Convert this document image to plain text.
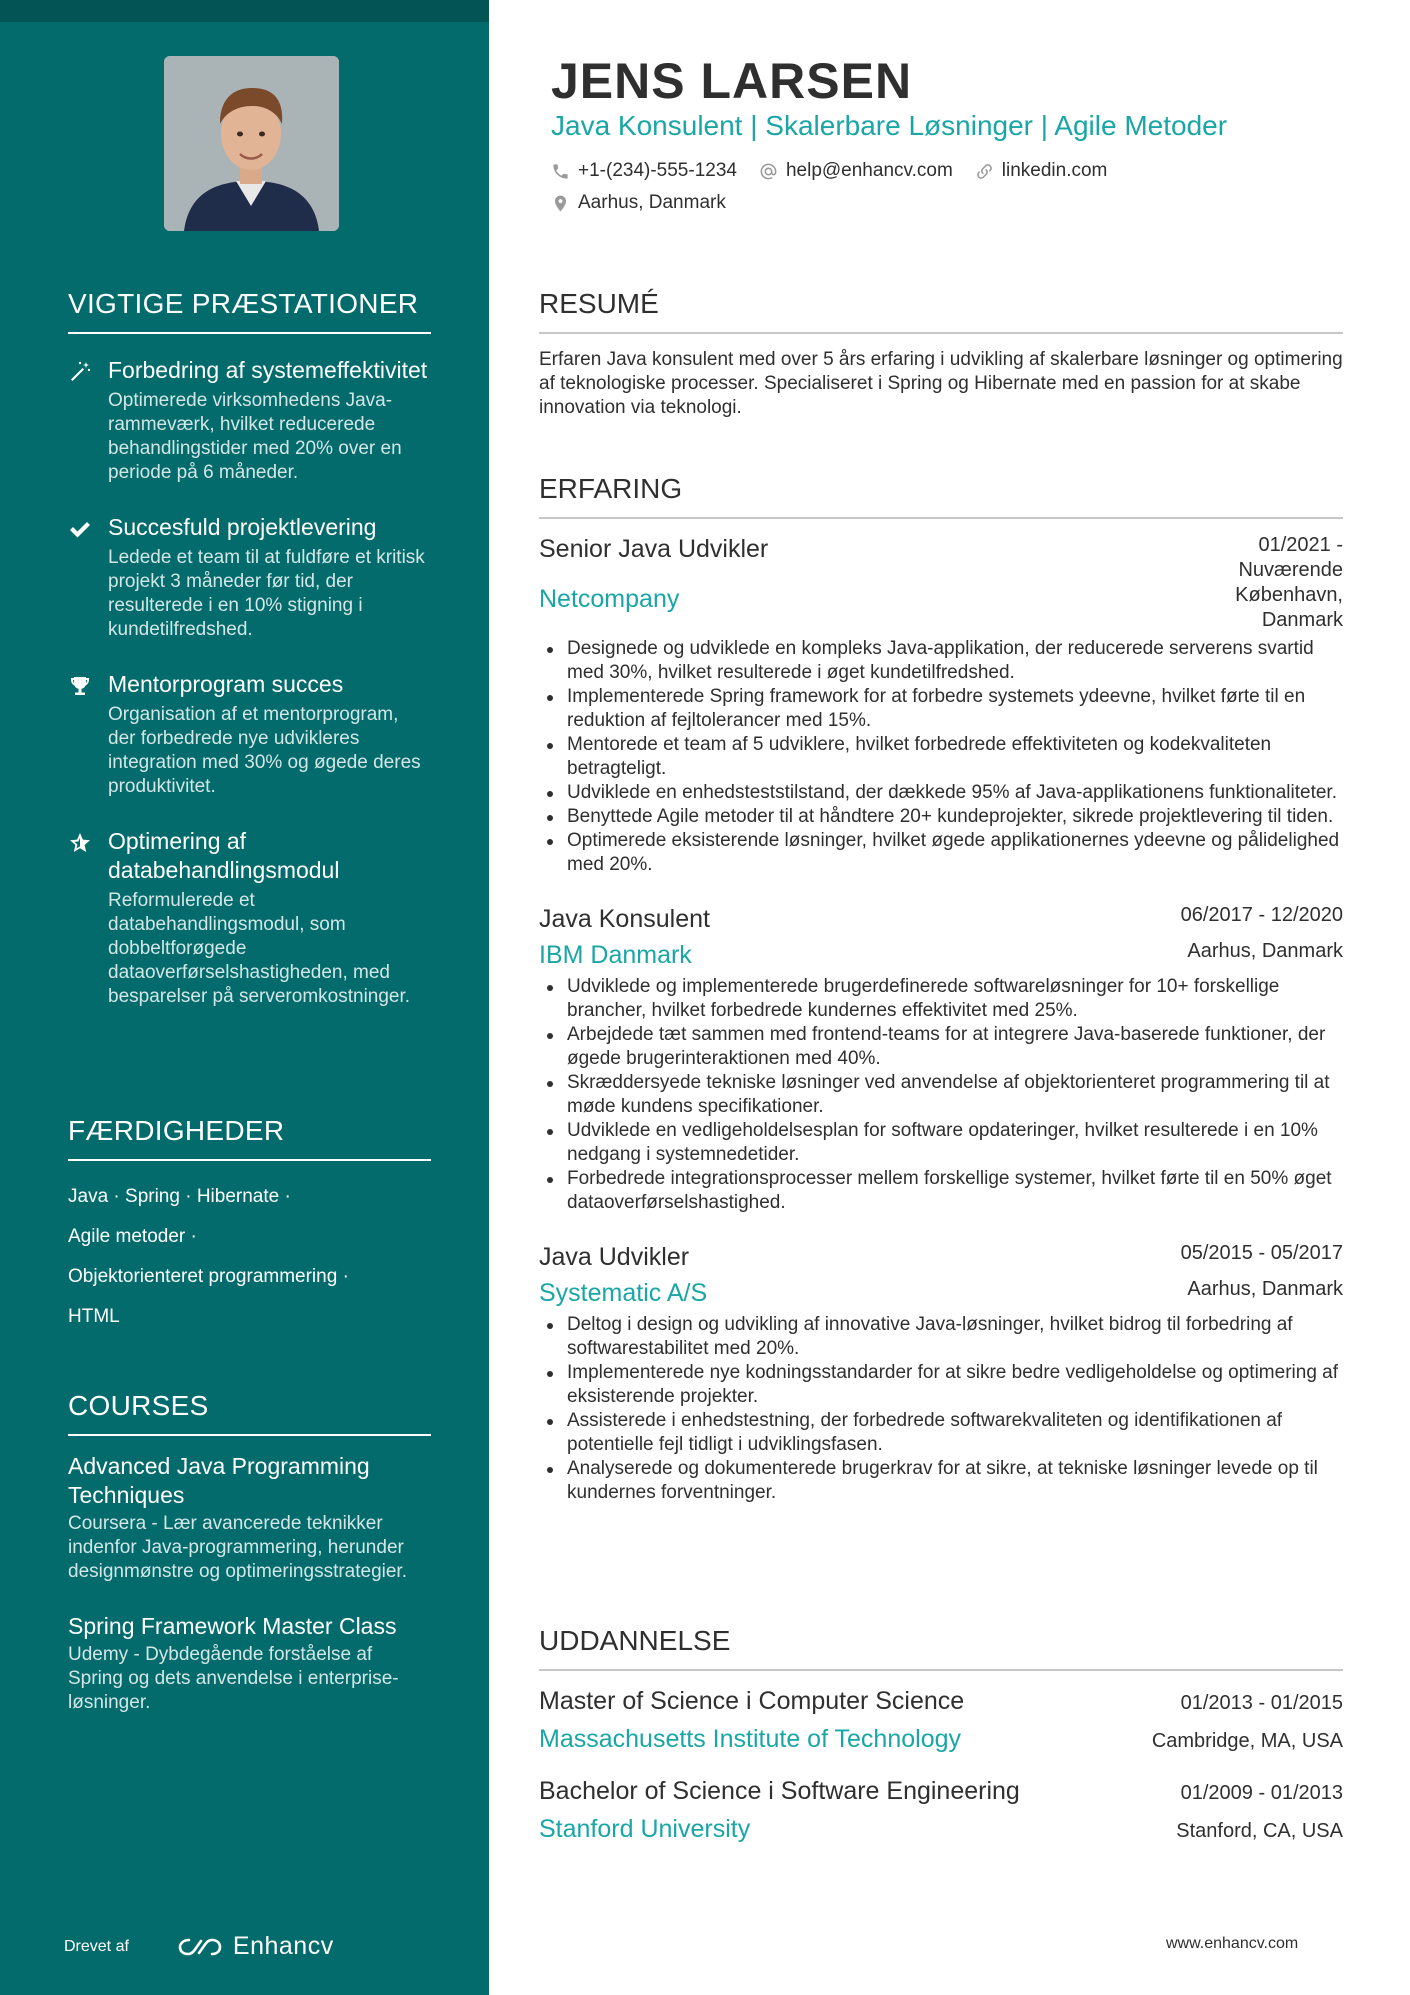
VIGTIGE PRÆSTATIONER
Forbedring af systemeffektivitet
Optimerede virksomhedens Java-rammeværk, hvilket reducerede behandlingstider med 20% over en periode på 6 måneder.
Succesfuld projektlevering
Ledede et team til at fuldføre et kritisk projekt 3 måneder før tid, der resulterede i en 10% stigning i kundetilfredshed.
Mentorprogram succes
Organisation af et mentorprogram, der forbedrede nye udvikleres integration med 30% og øgede deres produktivitet.
Optimering af databehandlingsmodul
Reformulerede et databehandlingsmodul, som dobbeltforøgede dataoverførselshastigheden, med besparelser på serveromkostninger.
FÆRDIGHEDER
Java · Spring · Hibernate ·
Agile metoder ·
Objektorienteret programmering ·
HTML
COURSES
Advanced Java Programming Techniques
Coursera - Lær avancerede teknikker indenfor Java-programmering, herunder designmønstre og optimeringsstrategier.
Spring Framework Master Class
Udemy - Dybdegående forståelse af Spring og dets anvendelse i enterprise-løsninger.
Drevet af	Enhancv
JENS LARSEN
Java Konsulent | Skalerbare Løsninger | Agile Metoder
+1-(234)-555-1234	help@enhancv.com	linkedin.com
Aarhus, Danmark
RESUMÉ

Erfaren Java konsulent med over 5 års erfaring i udvikling af skalerbare løsninger og optimering af teknologiske processer. Specialiseret i Spring og Hibernate med en passion for at skabe innovation via teknologi.

ERFARING
Senior Java Udvikler	01/2021 - Nuværende
Netcompany	København, Danmark
Designede og udviklede en kompleks Java-applikation, der reducerede serverens svartid med 30%, hvilket resulterede i øget kundetilfredshed.
Implementerede Spring framework for at forbedre systemets ydeevne, hvilket førte til en reduktion af fejltolerancer med 15%.
Mentorede et team af 5 udviklere, hvilket forbedrede effektiviteten og kodekvaliteten betragteligt.
Udviklede en enhedsteststilstand, der dækkede 95% af Java-applikationens funktionaliteter.
Benyttede Agile metoder til at håndtere 20+ kundeprojekter, sikrede projektlevering til tiden.
Optimerede eksisterende løsninger, hvilket øgede applikationernes ydeevne og pålidelighed med 20%.
Java Konsulent	06/2017 - 12/2020
IBM Danmark	Aarhus, Danmark
Udviklede og implementerede brugerdefinerede softwareløsninger for 10+ forskellige brancher, hvilket forbedrede kundernes effektivitet med 25%.
Arbejdede tæt sammen med frontend-teams for at integrere Java-baserede funktioner, der øgede brugerinteraktionen med 40%.
Skræddersyede tekniske løsninger ved anvendelse af objektorienteret programmering til at møde kundens specifikationer.
Udviklede en vedligeholdelsesplan for software opdateringer, hvilket resulterede i en 10% nedgang i systemnedetider.
Forbedrede integrationsprocesser mellem forskellige systemer, hvilket førte til en 50% øget dataoverførselshastighed.
Java Udvikler	05/2015 - 05/2017
Systematic A/S	Aarhus, Danmark
Deltog i design og udvikling af innovative Java-løsninger, hvilket bidrog til forbedring af softwarestabilitet med 20%.
Implementerede nye kodningsstandarder for at sikre bedre vedligeholdelse og optimering af eksisterende projekter.
Assisterede i enhedstestning, der forbedrede softwarekvaliteten og identifikationen af potentielle fejl tidligt i udviklingsfasen.
Analyserede og dokumenterede brugerkrav for at sikre, at tekniske løsninger levede op til kundernes forventninger.
UDDANNELSE
Master of Science i Computer Science	01/2013 - 01/2015
Massachusetts Institute of Technology	Cambridge, MA, USA
Bachelor of Science i Software Engineering	01/2009 - 01/2013
Stanford University	Stanford, CA, USA
www.enhancv.com
